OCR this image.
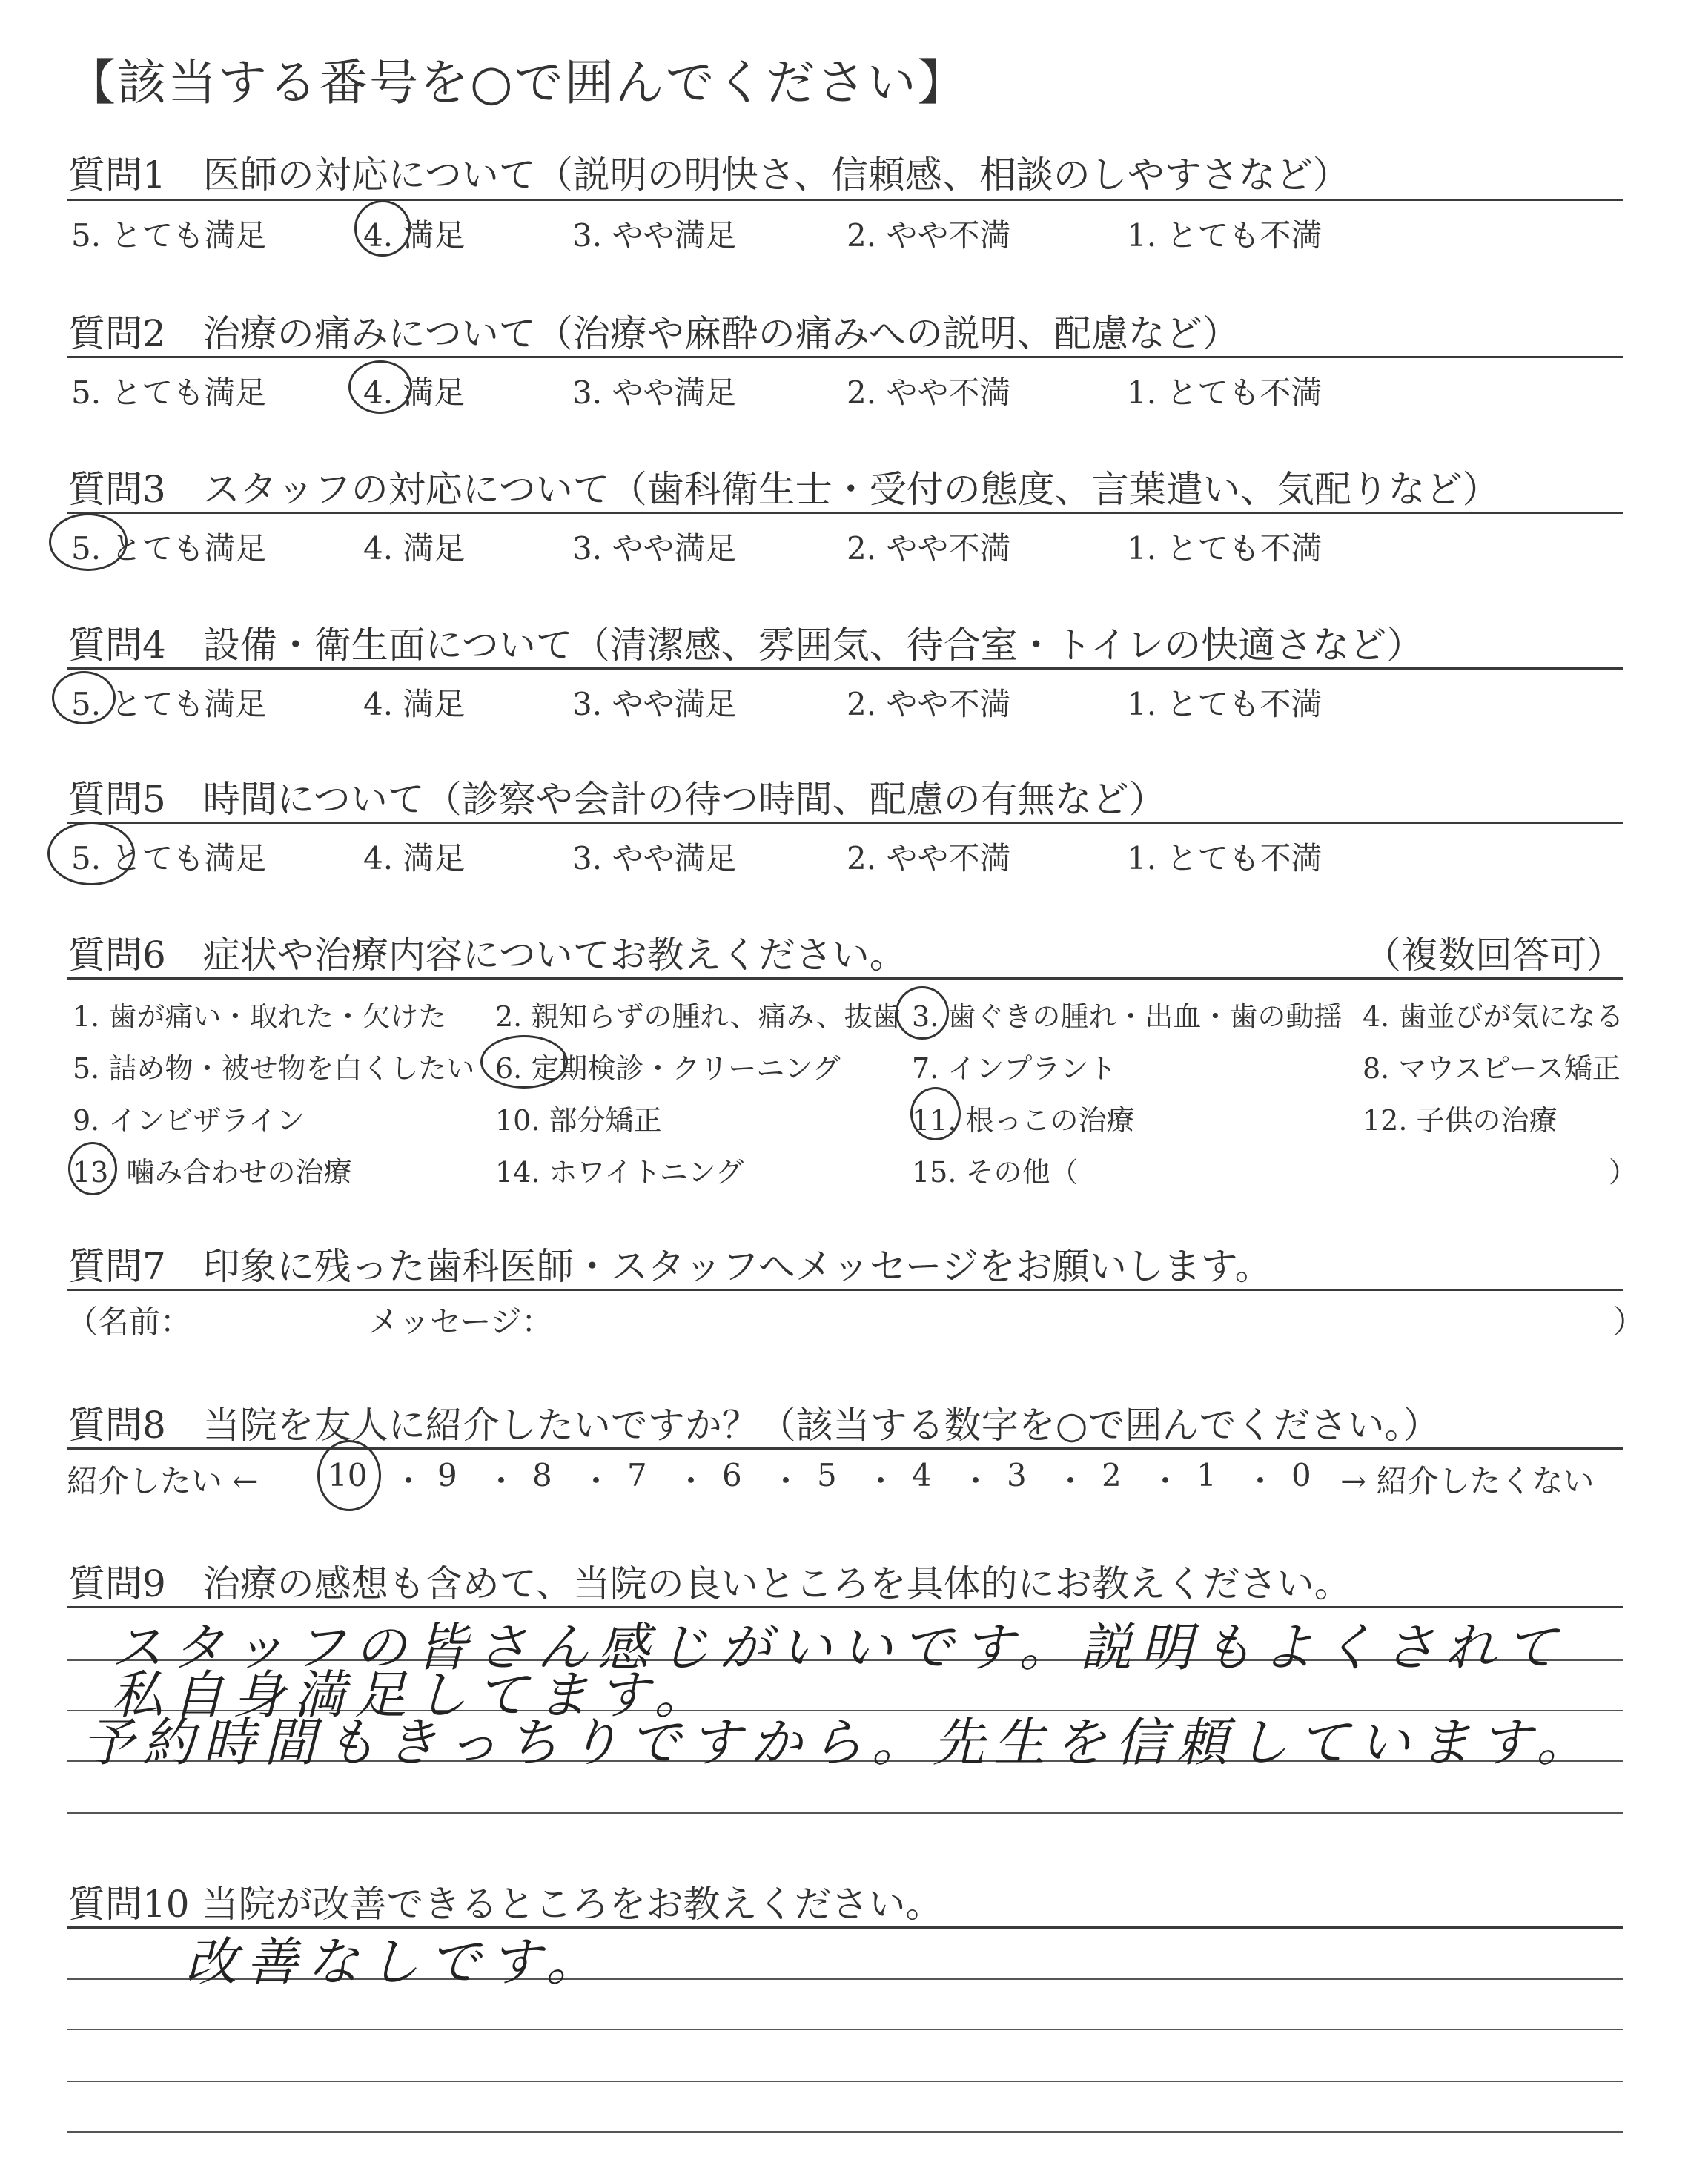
【該当する番号を○で囲んでください】
質問1　医師の対応について（説明の明快さ、信頼感、相談のしやすさなど）
5. とても満足	4. 満足	3. やや満足	2. やや不満	1. とても不満
質問2　治療の痛みについて（治療や麻酔の痛みへの説明、配慮など）
5. とても満足	4. 満足	3. やや満足	2. やや不満	1. とても不満
質問3　スタッフの対応について（歯科衛生士・受付の態度、言葉遣い、気配りなど）
5. とても満足	4. 満足	3. やや満足	2. やや不満	1. とても不満
質問4　設備・衛生面について（清潔感、雰囲気、待合室・トイレの快適さなど）
5. とても満足	4. 満足	3. やや満足	2. やや不満	1. とても不満
質問5　時間について（診察や会計の待つ時間、配慮の有無など）
5. とても満足	4. 満足	3. やや満足	2. やや不満	1. とても不満
質問6　症状や治療内容についてお教えください。	（複数回答可）
1. 歯が痛い・取れた・欠けた 2. 親知らずの腫れ、痛み、抜歯 3. 歯ぐきの腫れ・出血・歯の動揺 4. 歯並びが気になる
5. 詰め物・被せ物を白くしたい 6. 定期検診・クリーニング	7. インプラント	8. マウスピース矯正
9. インビザライン	10. 部分矯正	11. 根っこの治療	12. 子供の治療
13. 噛み合わせの治療	14. ホワイトニング	15. その他（	）
質問7　印象に残った歯科医師・スタッフへメッセージをお願いします。
（名前：	メッセージ：	）
質問8　当院を友人に紹介したいですか？（該当する数字を○で囲んでください。）
紹介したい ← 10 ・ 9 ・ 8 ・ 7 ・ 6 ・ 5 ・ 4 ・ 3 ・ 2 ・ 1 ・ 0 → 紹介したくない
質問9　治療の感想も含めて、当院の良いところを具体的にお教えください。
スタッフの皆さん感じがいいです。説明もよくされて
私自身満足してます。
予約時間もきっちりですから。先生を信頼しています。
質問10 当院が改善できるところをお教えください。
改善なしです。
